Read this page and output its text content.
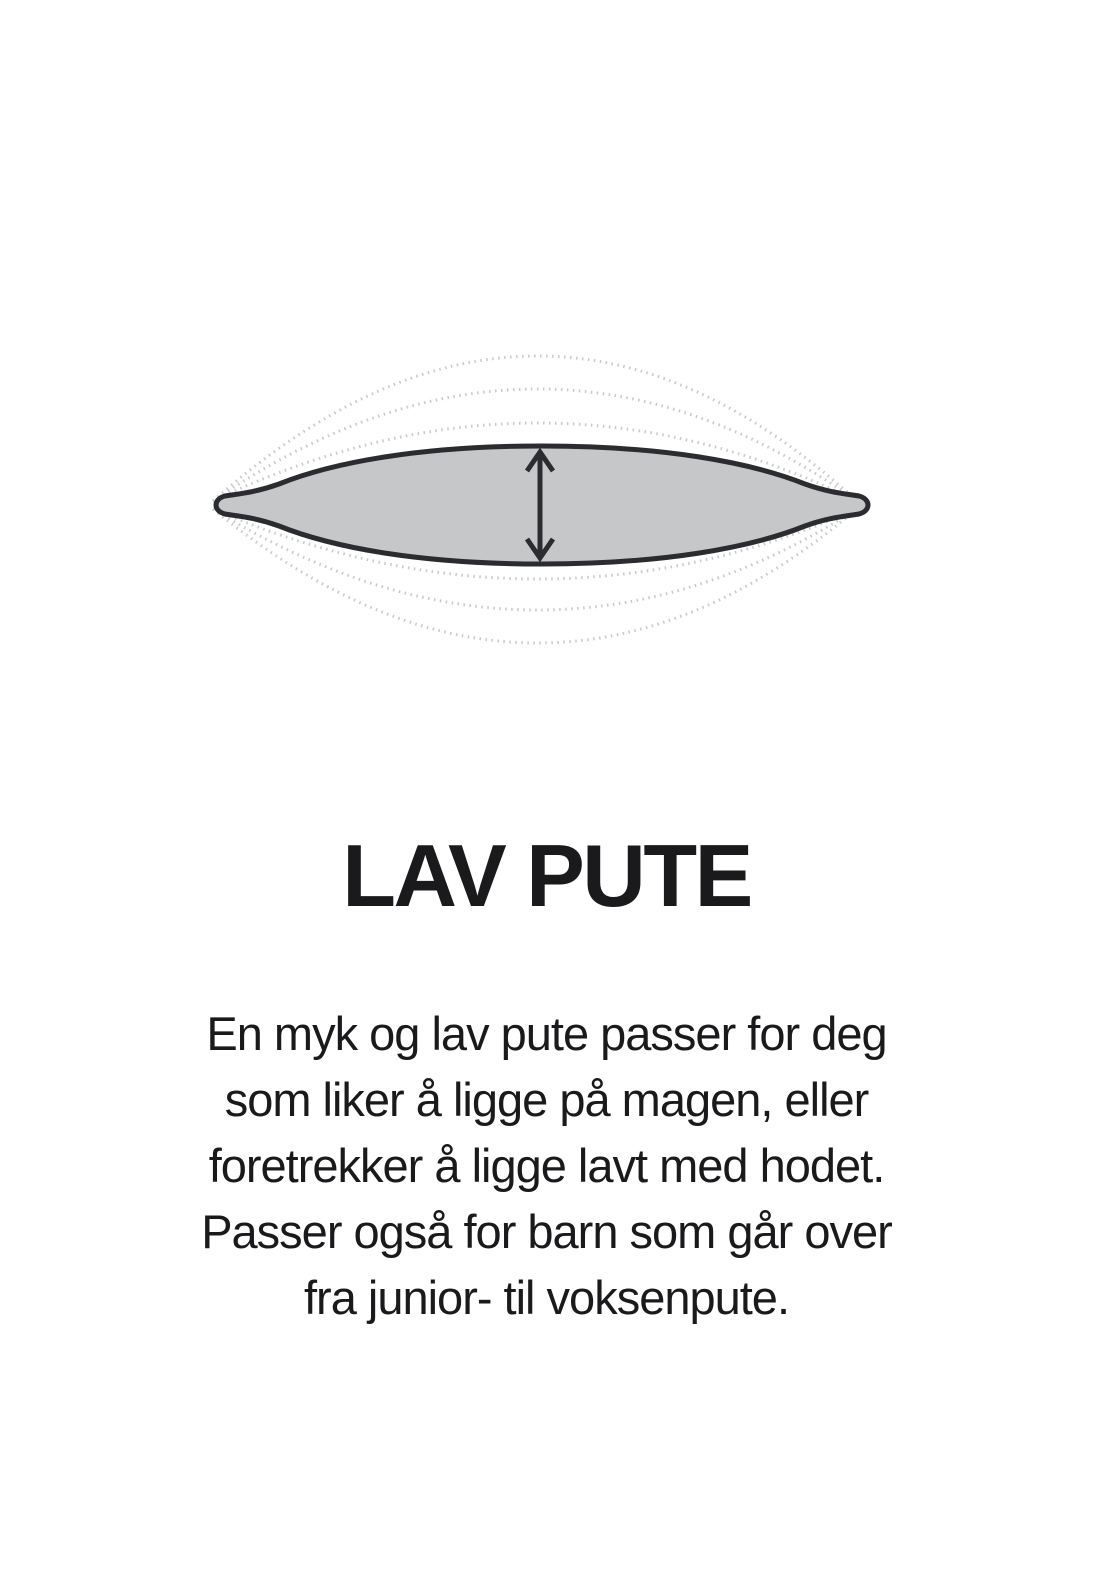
LAV PUTE
En myk og lav pute passer for deg
som liker å ligge på magen, eller
foretrekker å ligge lavt med hodet.
Passer også for barn som går over
fra junior- til voksenpute.
